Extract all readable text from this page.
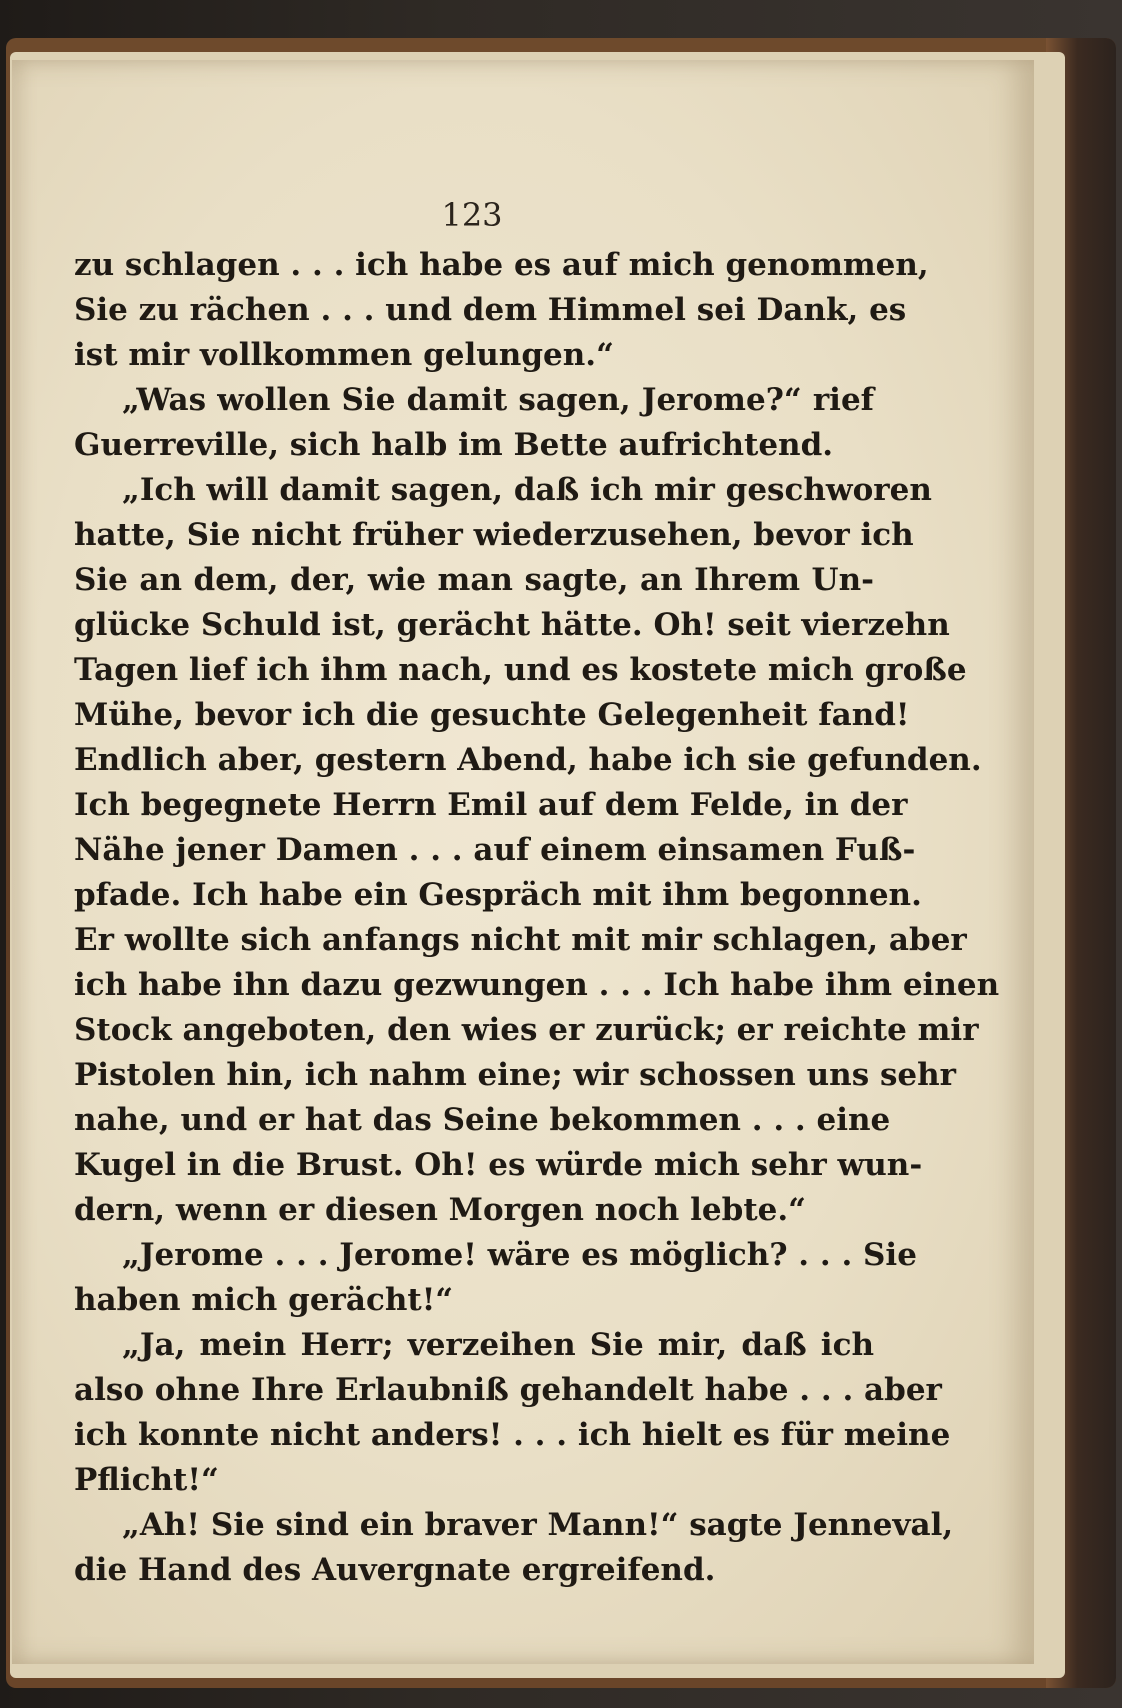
123
zu schlagen . . . ich habe es auf mich genommen,
Sie zu rächen . . . und dem Himmel sei Dank, es
ist mir vollkommen gelungen.“
„Was wollen Sie damit sagen, Jerome?“ rief
Guerreville, sich halb im Bette aufrichtend.
„Ich will damit sagen, daß ich mir geschworen
hatte, Sie nicht früher wiederzusehen, bevor ich
Sie an dem, der, wie man sagte, an Ihrem Un-
glücke Schuld ist, gerächt hätte. Oh! seit vierzehn
Tagen lief ich ihm nach, und es kostete mich große
Mühe, bevor ich die gesuchte Gelegenheit fand!
Endlich aber, gestern Abend, habe ich sie gefunden.
Ich begegnete Herrn Emil auf dem Felde, in der
Nähe jener Damen . . . auf einem einsamen Fuß-
pfade. Ich habe ein Gespräch mit ihm begonnen.
Er wollte sich anfangs nicht mit mir schlagen, aber
ich habe ihn dazu gezwungen . . . Ich habe ihm einen
Stock angeboten, den wies er zurück; er reichte mir
Pistolen hin, ich nahm eine; wir schossen uns sehr
nahe, und er hat das Seine bekommen . . . eine
Kugel in die Brust. Oh! es würde mich sehr wun-
dern, wenn er diesen Morgen noch lebte.“
„Jerome . . . Jerome! wäre es möglich? . . . Sie
haben mich gerächt!“
„Ja, mein Herr; verzeihen Sie mir, daß ich
also ohne Ihre Erlaubniß gehandelt habe . . . aber
ich konnte nicht anders! . . . ich hielt es für meine
Pflicht!“
„Ah! Sie sind ein braver Mann!“ sagte Jenneval,
die Hand des Auvergnate ergreifend.
